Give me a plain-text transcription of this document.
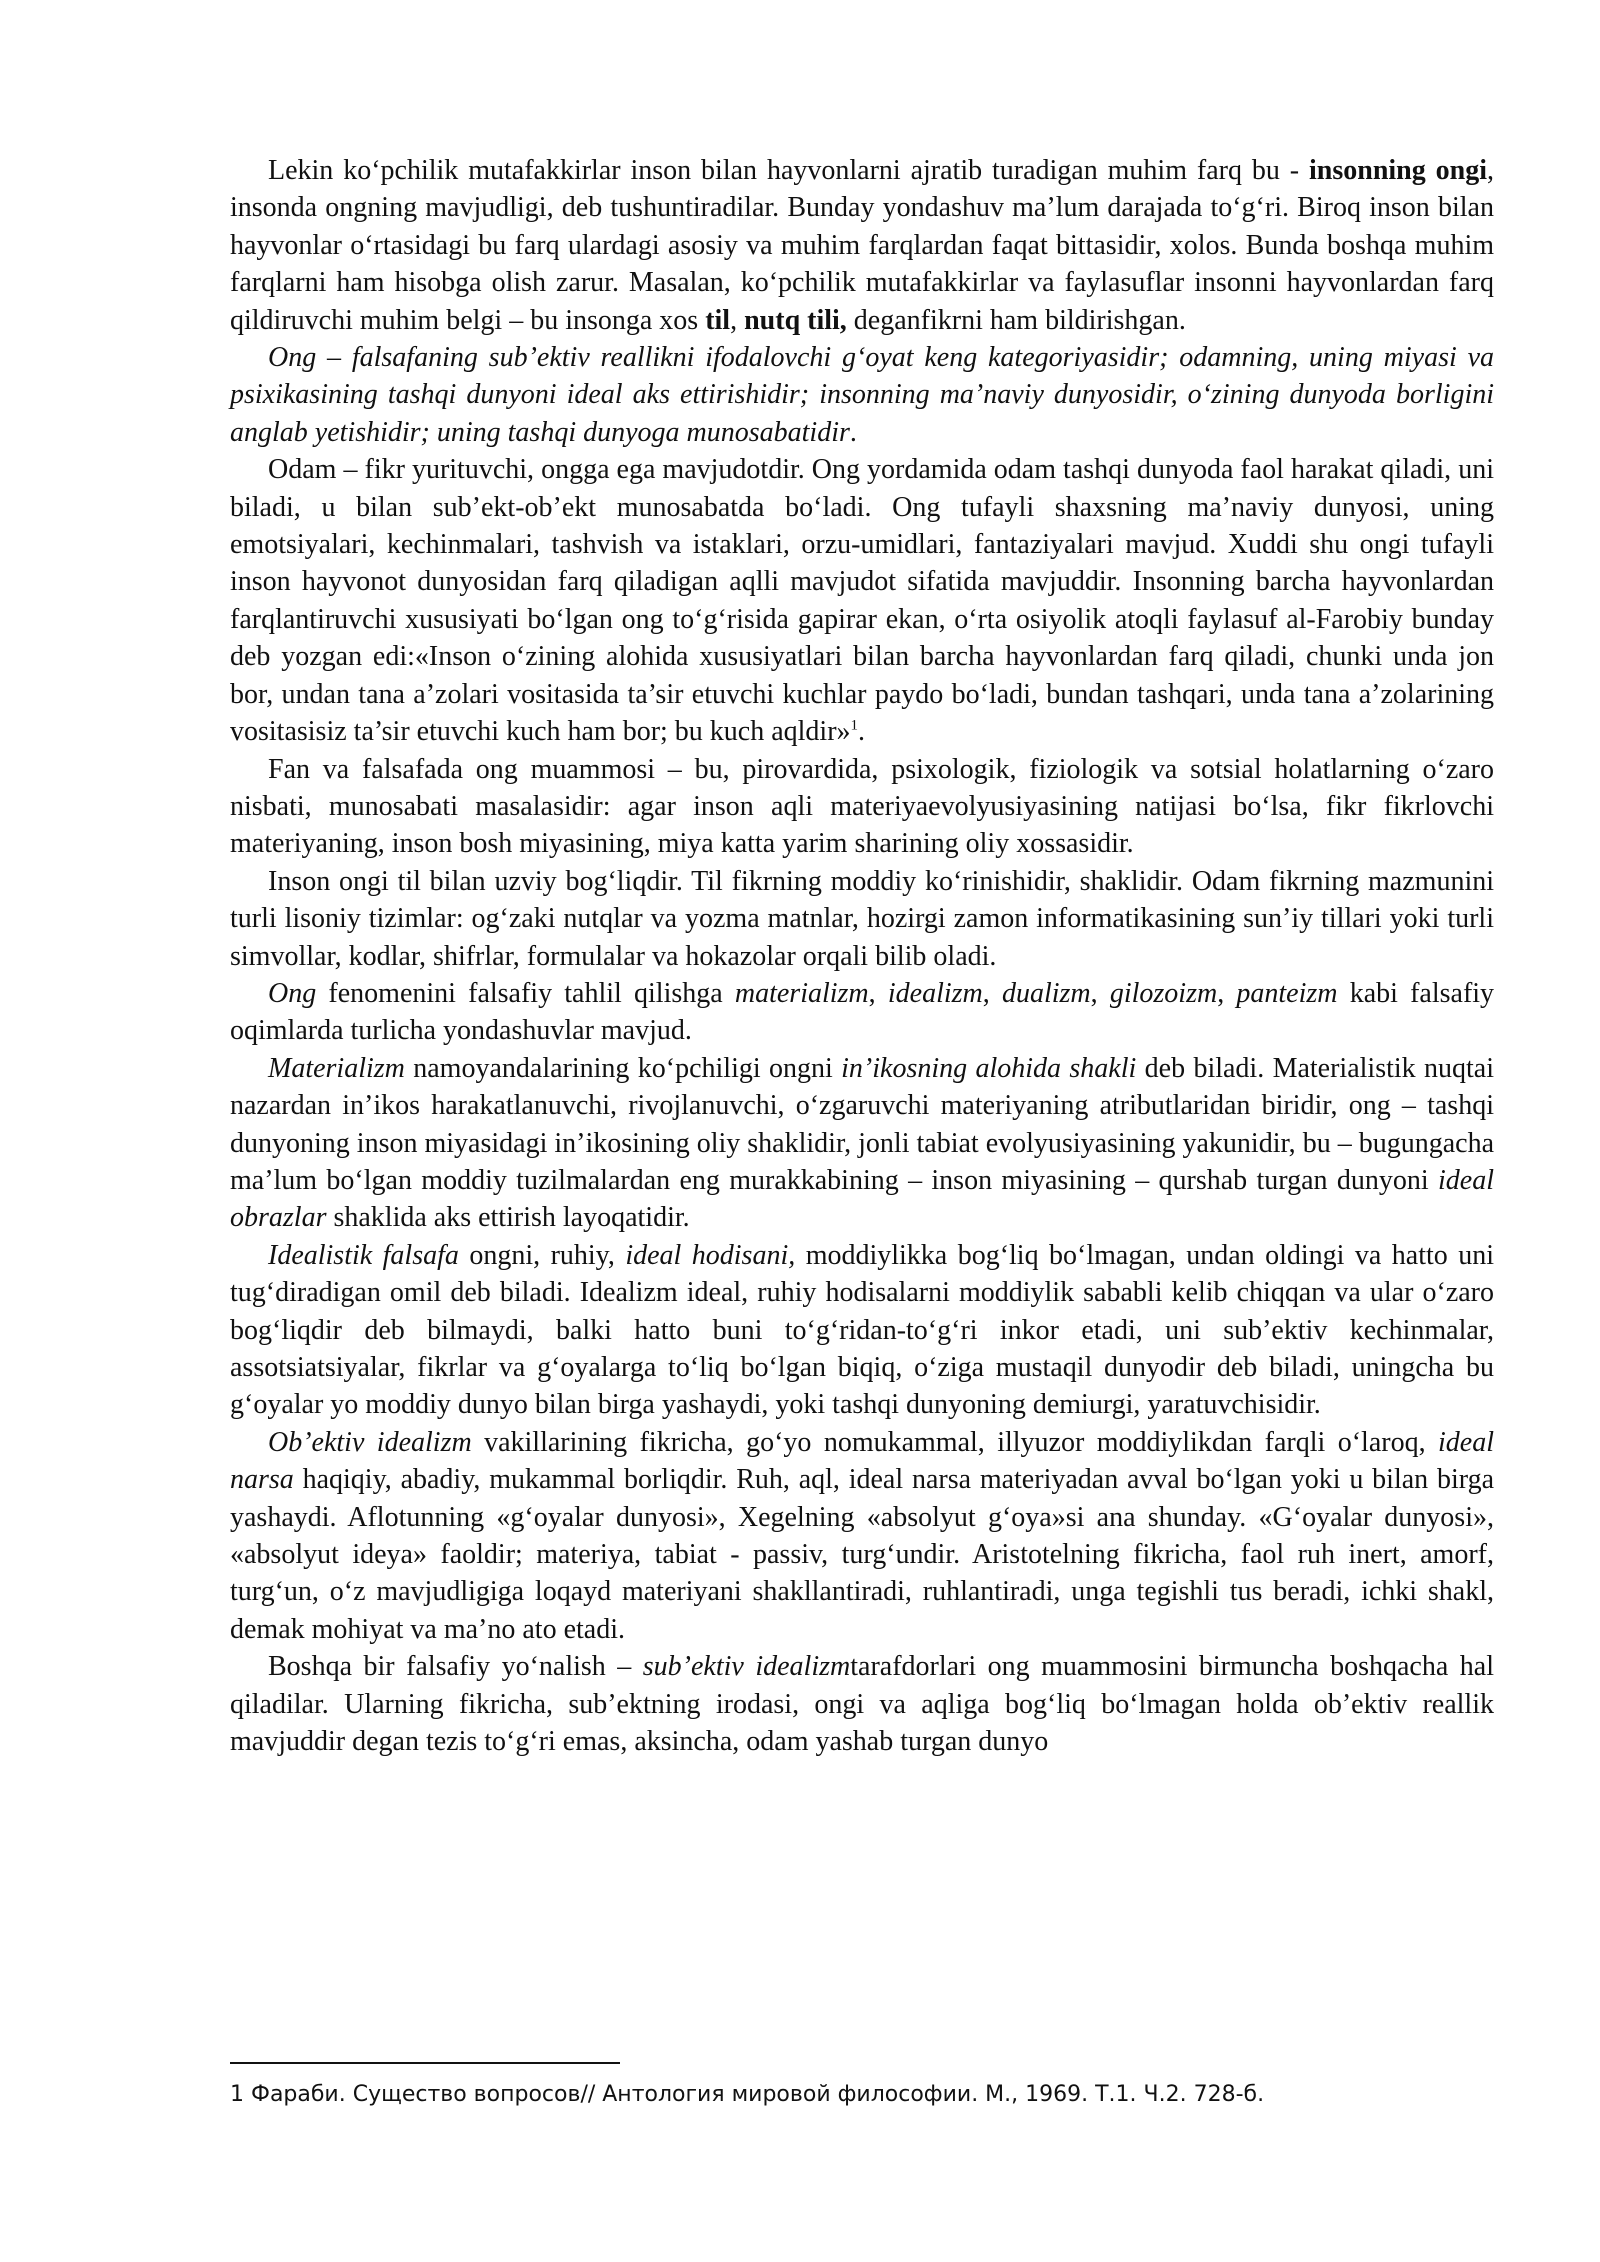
Lekin koʻpchilik mutafakkirlar inson bilan hayvonlarni ajratib turadigan muhim farq bu - insonning ongi, insonda ongning mavjudligi, deb tushuntiradilar. Bunday yondashuv ma’lum darajada toʻgʻri. Biroq inson bilan hayvonlar oʻrtasidagi bu farq ulardagi asosiy va muhim farqlardan faqat bittasidir, xolos. Bunda boshqa muhim farqlarni ham hisobga olish zarur. Masalan, koʻpchilik mutafakkirlar va faylasuflar insonni hayvonlardan farq qildiruvchi muhim belgi – bu insonga xos til, nutq tili, deganfikrni ham bildirishgan.

Ong – falsafaning sub’ektiv reallikni ifodalovchi gʻoyat keng kategoriyasidir; odamning, uning miyasi va psixikasining tashqi dunyoni ideal aks ettirishidir; insonning ma’naviy dunyosidir, oʻzining dunyoda borligini anglab yetishidir; uning tashqi dunyoga munosabatidir.

Odam – fikr yurituvchi, ongga ega mavjudotdir. Ong yordamida odam tashqi dunyoda faol harakat qiladi, uni biladi, u bilan sub’ekt-ob’ekt munosabatda boʻladi. Ong tufayli shaxsning ma’naviy dunyosi, uning emotsiyalari, kechinmalari, tashvish va istaklari, orzu-umidlari, fantaziyalari mavjud. Xuddi shu ongi tufayli inson hayvonot dunyosidan farq qiladigan aqlli mavjudot sifatida mavjuddir. Insonning barcha hayvonlardan farqlantiruvchi xususiyati boʻlgan ong toʻgʻrisida gapirar ekan, oʻrta osiyolik atoqli faylasuf al-Farobiy bunday deb yozgan edi:«Inson oʻzining alohida xususiyatlari bilan barcha hayvonlardan farq qiladi, chunki unda jon bor, undan tana a’zolari vositasida ta’sir etuvchi kuchlar paydo boʻladi, bundan tashqari, unda tana a’zolarining vositasisiz ta’sir etuvchi kuch ham bor; bu kuch aqldir»$^1$.

Fan va falsafada ong muammosi – bu, pirovardida, psixologik, fiziologik va sotsial holatlarning oʻzaro nisbati, munosabati masalasidir: agar inson aqli materiyaevolyusiyasining natijasi boʻlsa, fikr fikrlovchi materiyaning, inson bosh miyasining, miya katta yarim sharining oliy xossasidir.

Inson ongi til bilan uzviy bogʻliqdir. Til fikrning moddiy koʻrinishidir, shaklidir. Odam fikrning mazmunini turli lisoniy tizimlar: ogʻzaki nutqlar va yozma matnlar, hozirgi zamon informatikasining sun’iy tillari yoki turli simvollar, kodlar, shifrlar, formulalar va hokazolar orqali bilib oladi.

Ong fenomenini falsafiy tahlil qilishga materializm, idealizm, dualizm, gilozoizm, panteizm kabi falsafiy oqimlarda turlicha yondashuvlar mavjud.

Materializm namoyandalarining koʻpchiligi ongni in’ikosning alohida shakli deb biladi. Materialistik nuqtai nazardan in’ikos harakatlanuvchi, rivojlanuvchi, oʻzgaruvchi materiyaning atributlaridan biridir, ong – tashqi dunyoning inson miyasidagi in’ikosining oliy shaklidir, jonli tabiat evolyusiyasining yakunidir, bu – bugungacha ma’lum boʻlgan moddiy tuzilmalardan eng murakkabining – inson miyasining – qurshab turgan dunyoni ideal obrazlar shaklida aks ettirish layoqatidir.

Idealistik falsafa ongni, ruhiy, ideal hodisani, moddiylikka bogʻliq boʻlmagan, undan oldingi va hatto uni tugʻdiradigan omil deb biladi. Idealizm ideal, ruhiy hodisalarni moddiylik sababli kelib chiqqan va ular oʻzaro bogʻliqdir deb bilmaydi, balki hatto buni toʻgʻridan-toʻgʻri inkor etadi, uni sub’ektiv kechinmalar, assotsiatsiyalar, fikrlar va gʻoyalarga toʻliq boʻlgan biqiq, oʻziga mustaqil dunyodir deb biladi, uningcha bu gʻoyalar yo moddiy dunyo bilan birga yashaydi, yoki tashqi dunyoning demiurgi, yaratuvchisidir.

Ob’ektiv idealizm vakillarining fikricha, goʻyo nomukammal, illyuzor moddiylikdan farqli oʻlaroq, ideal narsa haqiqiy, abadiy, mukammal borliqdir. Ruh, aql, ideal narsa materiyadan avval boʻlgan yoki u bilan birga yashaydi. Aflotunning «gʻoyalar dunyosi», Xegelning «absolyut gʻoya»si ana shunday. «Gʻoyalar dunyosi», «absolyut ideya» faoldir; materiya, tabiat - passiv, turgʻundir. Aristotelning fikricha, faol ruh inert, amorf, turgʻun, oʻz mavjudligiga loqayd materiyani shakllantiradi, ruhlantiradi, unga tegishli tus beradi, ichki shakl, demak mohiyat va ma’no ato etadi.

Boshqa bir falsafiy yoʻnalish – sub’ektiv idealizmtarafdorlari ong muammosini birmuncha boshqacha hal qiladilar. Ularning fikricha, sub’ektning irodasi, ongi va aqliga bogʻliq boʻlmagan holda ob’ektiv reallik mavjuddir degan tezis toʻgʻri emas, aksincha, odam yashab turgan dunyo

1 Фараби. Существо вопросов// Антология мировой философии. М., 1969. Т.1. Ч.2. 728-б.
